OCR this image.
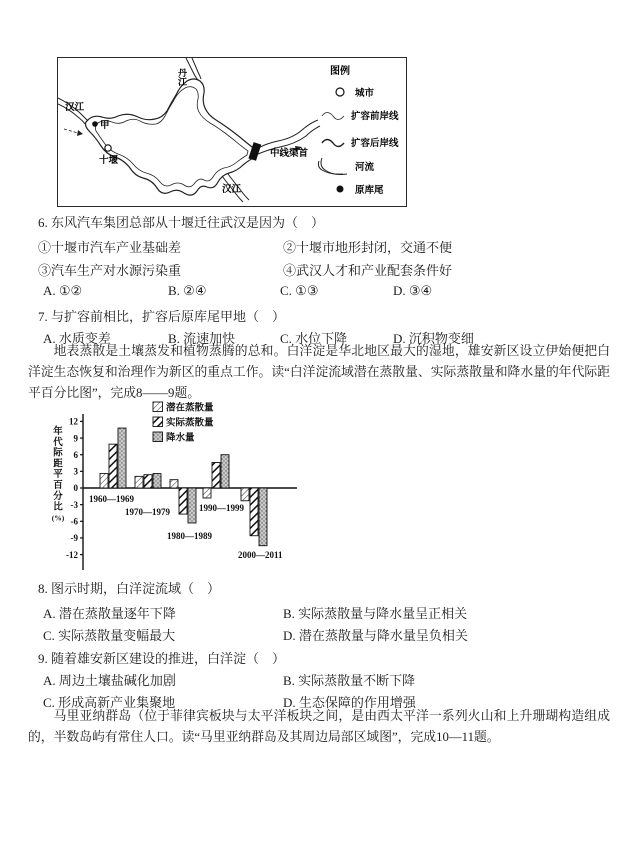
汉江
丹江
甲
十堰
中线渠首
汉江
图例
城市
扩容前岸线
扩容后岸线
河流
原库尾
6. 东风汽车集团总部从十堰迁往武汉是因为（　）
①十堰市汽车产业基础差	②十堰市地形封闭，交通不便
③汽车生产对水源污染重	④武汉人才和产业配套条件好
A. ①②	B. ②④	C. ①③	D. ③④
7. 与扩容前相比，扩容后原库尾甲地（　）
A. 水质变差	B. 流速加快	C. 水位下降	D. 沉积物变细
地表蒸散是土壤蒸发和植物蒸腾的总和。白洋淀是华北地区最大的湿地，雄安新区设立伊始便把白洋淀生态恢复和治理作为新区的重点工作。读“白洋淀流域潜在蒸散量、实际蒸散量和降水量的年代际距平百分比图”，完成8——9题。
12
9
6
3
0
-3
-6
-9
-12
年
代
际
距
平
百
分
比
(%)
1960—1969
1970—1979
1980—1989
1990—1999
2000—2011
潜在蒸散量
实际蒸散量
降水量
8. 图示时期，白洋淀流域（　）
A. 潜在蒸散量逐年下降	B. 实际蒸散量与降水量呈正相关
C. 实际蒸散量变幅最大	D. 潜在蒸散量与降水量呈负相关
9. 随着雄安新区建设的推进，白洋淀（　）
A. 周边土壤盐碱化加剧	B. 实际蒸散量不断下降
C. 形成高新产业集聚地	D. 生态保障的作用增强
马里亚纳群岛（位于菲律宾板块与太平洋板块之间，是由西太平洋一系列火山和上升珊瑚构造组成的，半数岛屿有常住人口。读“马里亚纳群岛及其周边局部区域图”，完成10—11题。
